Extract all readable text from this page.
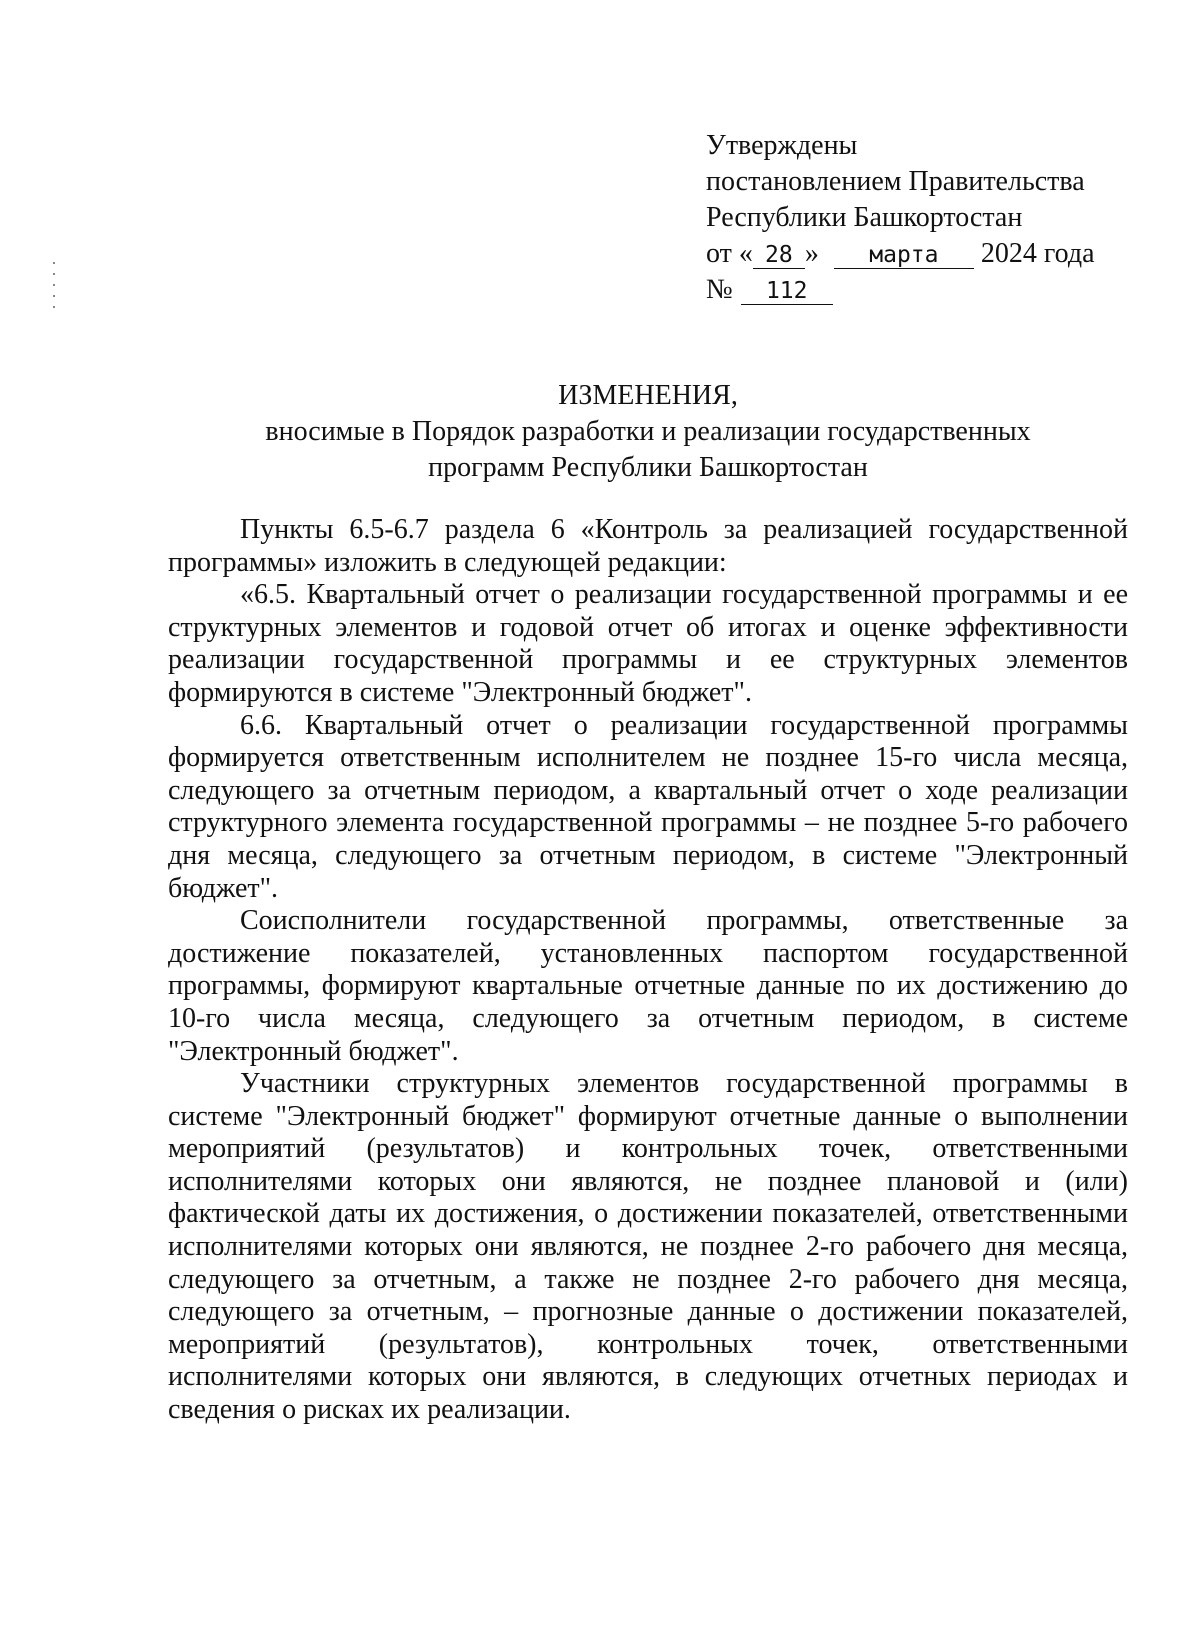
Утверждены
постановлением Правительства
Республики Башкортостан
от « 28 » марта 2024 года
№ 112
ИЗМЕНЕНИЯ,
вносимые в Порядок разработки и реализации государственных
программ Республики Башкортостан

Пункты 6.5-6.7 раздела 6 «Контроль за реализацией государственной программы» изложить в следующей редакции:

«6.5. Квартальный отчет о реализации государственной программы и ее структурных элементов и годовой отчет об итогах и оценке эффективности реализации государственной программы и ее структурных элементов формируются в системе "Электронный бюджет".

6.6. Квартальный отчет о реализации государственной программы формируется ответственным исполнителем не позднее 15-го числа месяца, следующего за отчетным периодом, а квартальный отчет о ходе реализации структурного элемента государственной программы – не позднее 5-го рабочего дня месяца, следующего за отчетным периодом, в системе "Электронный бюджет".

Соисполнители государственной программы, ответственные за достижение показателей, установленных паспортом государственной программы, формируют квартальные отчетные данные по их достижению до 10-го числа месяца, следующего за отчетным периодом, в системе "Электронный бюджет".

Участники структурных элементов государственной программы в системе "Электронный бюджет" формируют отчетные данные о выполнении мероприятий (результатов) и контрольных точек, ответственными исполнителями которых они являются, не позднее плановой и (или) фактической даты их достижения, о достижении показателей, ответственными исполнителями которых они являются, не позднее 2-го рабочего дня месяца, следующего за отчетным, а также не позднее 2-го рабочего дня месяца, следующего за отчетным, – прогнозные данные о достижении показателей, мероприятий (результатов), контрольных точек, ответственными исполнителями которых они являются, в следующих отчетных периодах и сведения о рисках их реализации.
